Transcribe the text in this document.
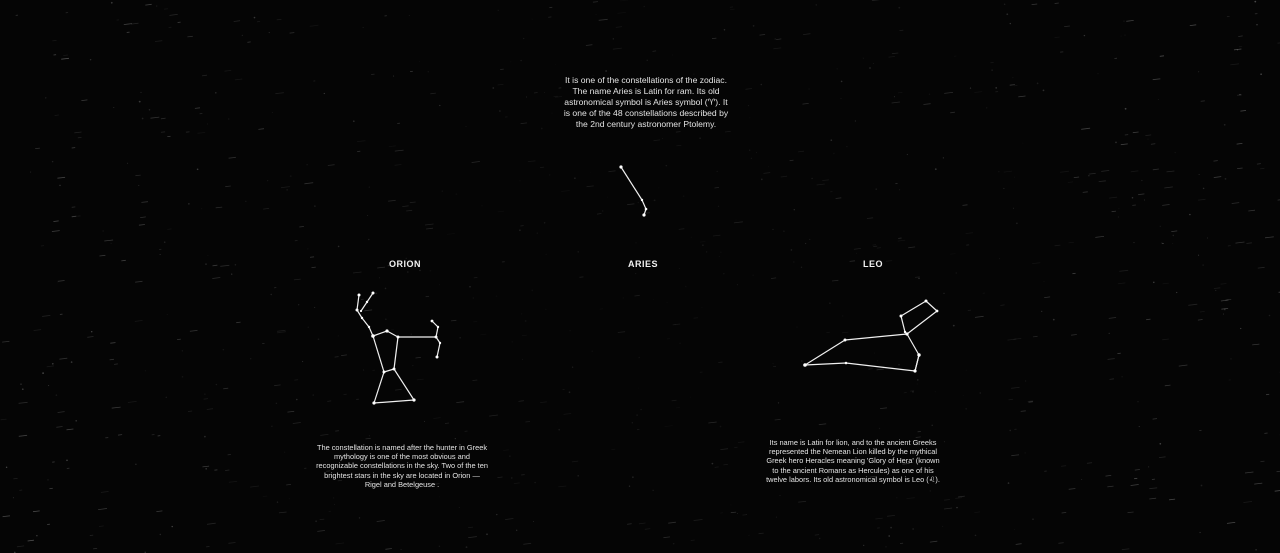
It is one of the constellations of the zodiac. The name Aries is Latin for ram. Its old astronomical symbol is Aries symbol (♈︎). It is one of the 48 constellations described by the 2nd century astronomer Ptolemy.
ARIES
ORION
The constellation is named after the hunter in Greek mythology is one of the most obvious and recognizable constellations in the sky. Two of the ten brightest stars in the sky are located in Orion — Rigel and Betelgeuse .
LEO
Its name is Latin for lion, and to the ancient Greeks represented the Nemean Lion killed by the mythical Greek hero Heracles meaning 'Glory of Hera' (known to the ancient Romans as Hercules) as one of his twelve labors. Its old astronomical symbol is Leo (♌︎).
